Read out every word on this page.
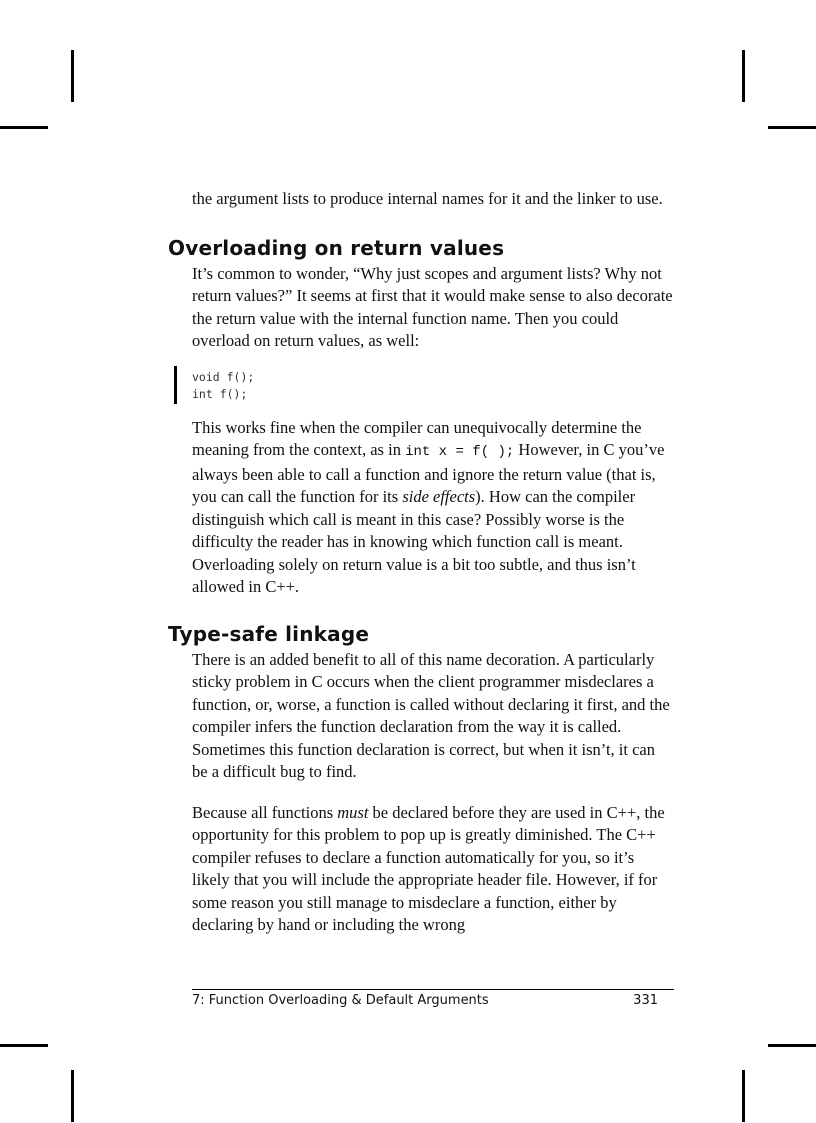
the argument lists to produce internal names for it and the linker to use.

Overloading on return values

It’s common to wonder, “Why just scopes and argument lists? Why not return values?” It seems at first that it would make sense to also decorate the return value with the internal function name. Then you could overload on return values, as well:

void f();
int f();

This works fine when the compiler can unequivocally determine the meaning from the context, as in int x = f( ); However, in C you’ve always been able to call a function and ignore the return value (that is, you can call the function for its side effects). How can the compiler distinguish which call is meant in this case? Possibly worse is the difficulty the reader has in knowing which function call is meant. Overloading solely on return value is a bit too subtle, and thus isn’t allowed in C++.

Type-safe linkage

There is an added benefit to all of this name decoration. A particularly sticky problem in C occurs when the client programmer misdeclares a function, or, worse, a function is called without declaring it first, and the compiler infers the function declaration from the way it is called. Sometimes this function declaration is correct, but when it isn’t, it can be a difficult bug to find.

Because all functions must be declared before they are used in C++, the opportunity for this problem to pop up is greatly diminished. The C++ compiler refuses to declare a function automatically for you, so it’s likely that you will include the appropriate header file. However, if for some reason you still manage to misdeclare a function, either by declaring by hand or including the wrong

7: Function Overloading & Default Arguments	331
